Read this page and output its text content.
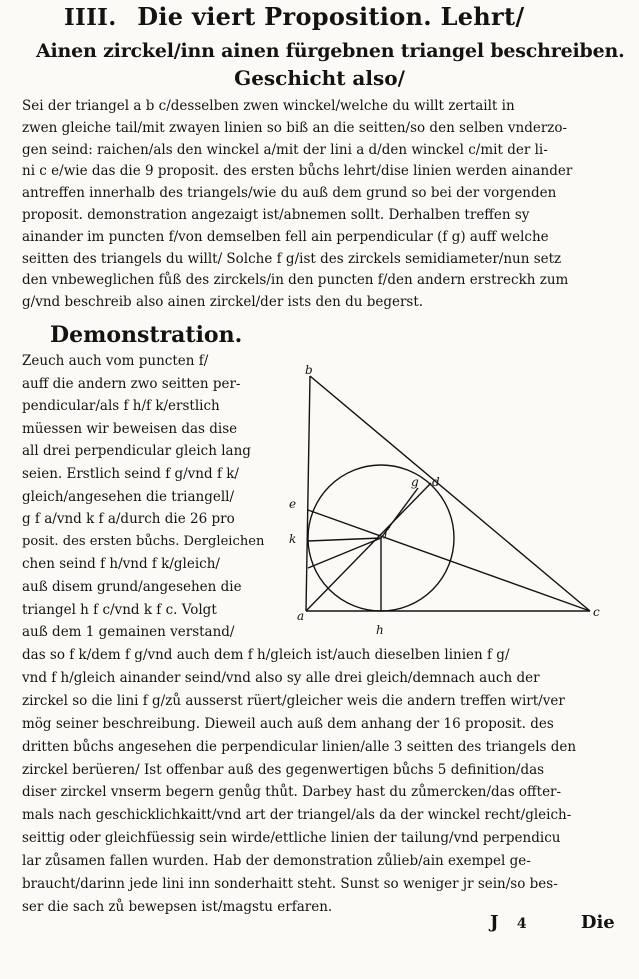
IIII. Die viert Proposition. Lehrt/
Ainen zirckel/inn ainen fürgebnen triangel beschreiben.
Geschicht also/
Sei der triangel a b c/desselben zwen winckel/welche du willt zertailt in
zwen gleiche tail/mit zwayen linien so biß an die seitten/so den selben vnderzo-
gen seind: raichen/als den winckel a/mit der lini a d/den winckel c/mit der li-
ni c e/wie das die 9 proposit. des ersten bůchs lehrt/dise linien werden ainander
antreffen innerhalb des triangels/wie du auß dem grund so bei der vorgenden
proposit. demonstration angezaigt ist/abnemen sollt. Derhalben treffen sy
ainander im puncten f/von demselben fell ain perpendicular (f g) auff welche
seitten des triangels du willt/ Solche f g/ist des zirckels semidiameter/nun setz
den vnbeweglichen fůß des zirckels/in den puncten f/den andern erstreckh zum
g/vnd beschreib also ainen zirckel/der ists den du begerst.
Demonstration.
Zeuch auch vom puncten f/
auff die andern zwo seitten per-
pendicular/als f h/f k/erstlich
müessen wir beweisen das dise
all drei perpendicular gleich lang
seien. Erstlich seind f g/vnd f k/
gleich/angesehen die triangell/
g f a/vnd k f a/durch die 26 pro
posit. des ersten bůchs. Dergleichen
chen seind f h/vnd f k/gleich/
auß disem grund/angesehen die
triangel h f c/vnd k f c. Volgt
auß dem 1 gemainen verstand/
b
g d
e
f
k
a
h
c
das so f k/dem f g/vnd auch dem f h/gleich ist/auch dieselben linien f g/
vnd f h/gleich ainander seind/vnd also sy alle drei gleich/demnach auch der
zirckel so die lini f g/zů ausserst rüert/gleicher weis die andern treffen wirt/ver
mög seiner beschreibung. Dieweil auch auß dem anhang der 16 proposit. des
dritten bůchs angesehen die perpendicular linien/alle 3 seitten des triangels den
zirckel berüeren/ Ist offenbar auß des gegenwertigen bůchs 5 definition/das
diser zirckel vnserm begern genůg thůt. Darbey hast du zůmercken/das offter-
mals nach geschicklichkaitt/vnd art der triangel/als da der winckel recht/gleich-
seittig oder gleichfüessig sein wirde/ettliche linien der tailung/vnd perpendicu
lar zůsamen fallen wurden. Hab der demonstration zůlieb/ain exempel ge-
braucht/darinn jede lini inn sonderhaitt steht. Sunst so weniger jr sein/so bes-
ser die sach zů bewepsen ist/magstu erfaren.
J 4	Die
